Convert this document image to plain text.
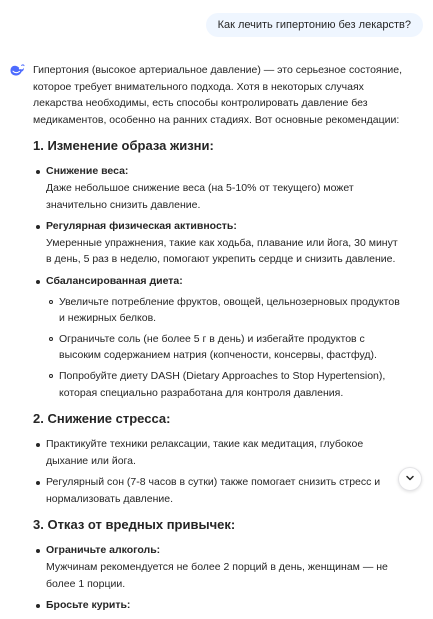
Как лечить гипертонию без лекарств?

Гипертония (высокое артериальное давление) — это серьезное состояние, которое требует внимательного подхода. Хотя в некоторых случаях лекарства необходимы, есть способы контролировать давление без медикаментов, особенно на ранних стадиях. Вот основные рекомендации:

1. Изменение образа жизни:
Снижение веса:
Даже небольшое снижение веса (на 5-10% от текущего) может значительно снизить давление.
Регулярная физическая активность:
Умеренные упражнения, такие как ходьба, плавание или йога, 30 минут в день, 5 раз в неделю, помогают укрепить сердце и снизить давление.
Сбалансированная диета:
Увеличьте потребление фруктов, овощей, цельнозерновых продуктов и нежирных белков.
Ограничьте соль (не более 5 г в день) и избегайте продуктов с высоким содержанием натрия (копчености, консервы, фастфуд).
Попробуйте диету DASH (Dietary Approaches to Stop Hypertension), которая специально разработана для контроля давления.
2. Снижение стресса:
Практикуйте техники релаксации, такие как медитация, глубокое дыхание или йога.
Регулярный сон (7-8 часов в сутки) также помогает снизить стресс и нормализовать давление.
3. Отказ от вредных привычек:
Ограничьте алкоголь:
Мужчинам рекомендуется не более 2 порций в день, женщинам — не более 1 порции.
Бросьте курить:
